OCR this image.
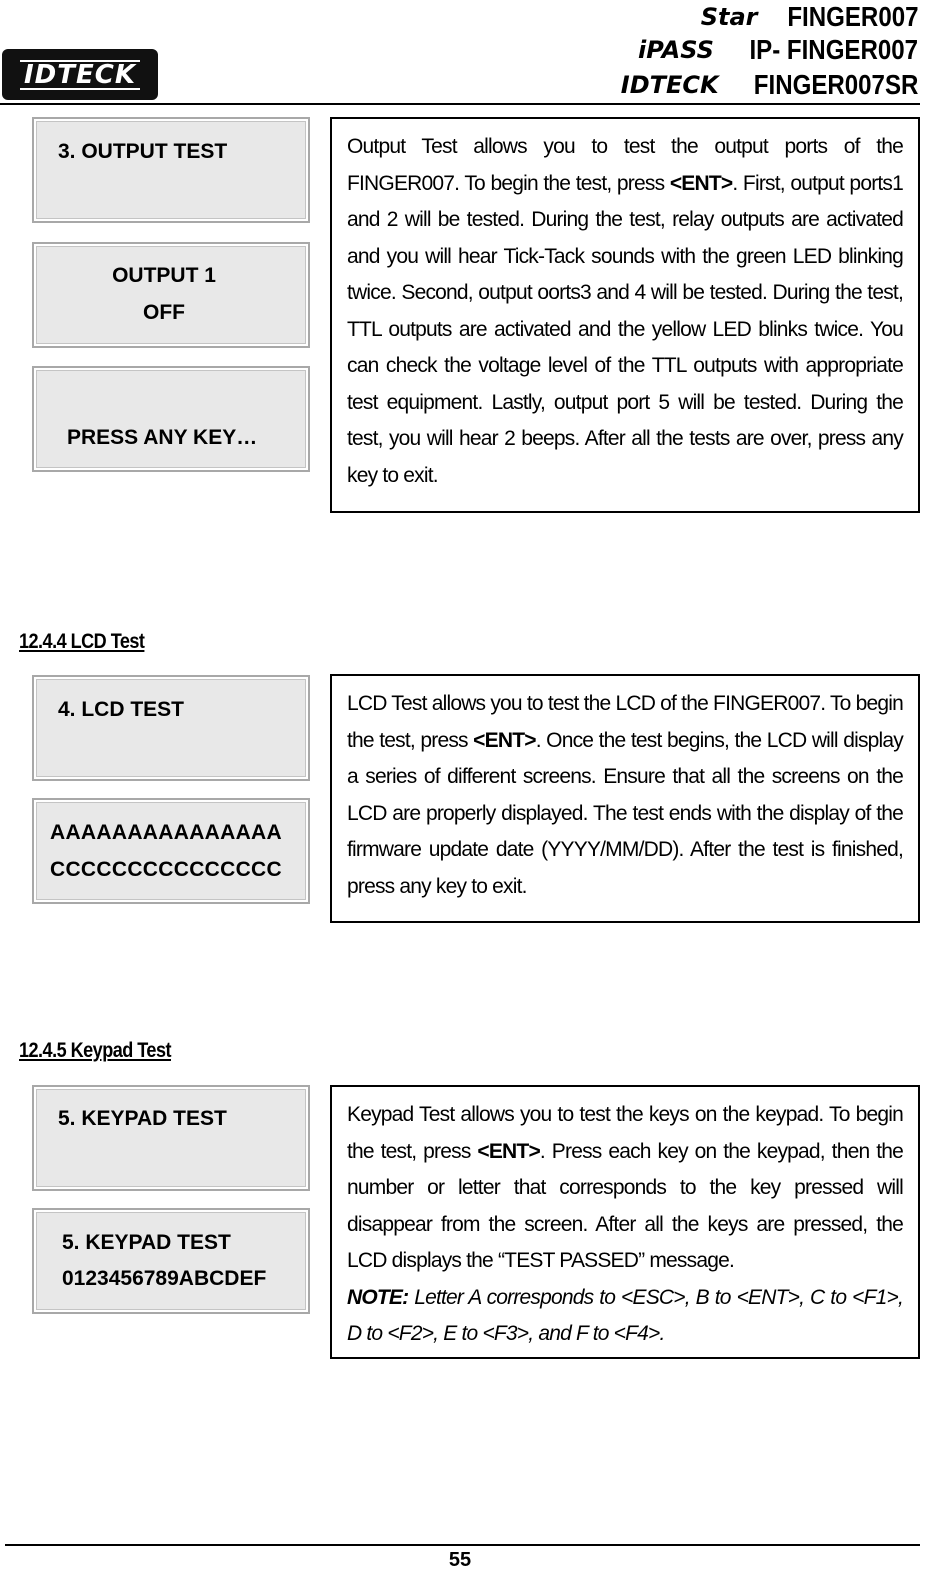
IDTECK
Star FINGER007
iPASS IP- FINGER007
IDTECK FINGER007SR
3. OUTPUT TEST
OUTPUT 1
OFF
PRESS ANY KEY…
Output Test allows you to test the output ports of the FINGER007. To begin the test, press <ENT>. First, output ports1 and 2 will be tested. During the test, relay outputs are activated and you will hear Tick-Tack sounds with the green LED blinking twice. Second, output oorts3 and 4 will be tested. During the test, TTL outputs are activated and the yellow LED blinks twice. You can check the voltage level of the TTL outputs with appropriate test equipment. Lastly, output port 5 will be tested. During the test, you will hear 2 beeps. After all the tests are over, press any key to exit.
12.4.4 LCD Test
4. LCD TEST
AAAAAAAAAAAAAAA
CCCCCCCCCCCCCCC
LCD Test allows you to test the LCD of the FINGER007. To begin the test, press <ENT>. Once the test begins, the LCD will display a series of different screens. Ensure that all the screens on the LCD are properly displayed. The test ends with the display of the firmware update date (YYYY/MM/DD). After the test is finished, press any key to exit.
12.4.5 Keypad Test
5. KEYPAD TEST
5. KEYPAD TEST
0123456789ABCDEF
Keypad Test allows you to test the keys on the keypad. To begin the test, press <ENT>. Press each key on the keypad, then the number or letter that corresponds to the key pressed will disappear from the screen. After all the keys are pressed, the LCD displays the “TEST PASSED” message.
NOTE: Letter A corresponds to <ESC>, B to <ENT>, C to <F1>, D to <F2>, E to <F3>, and F to <F4>.
55
